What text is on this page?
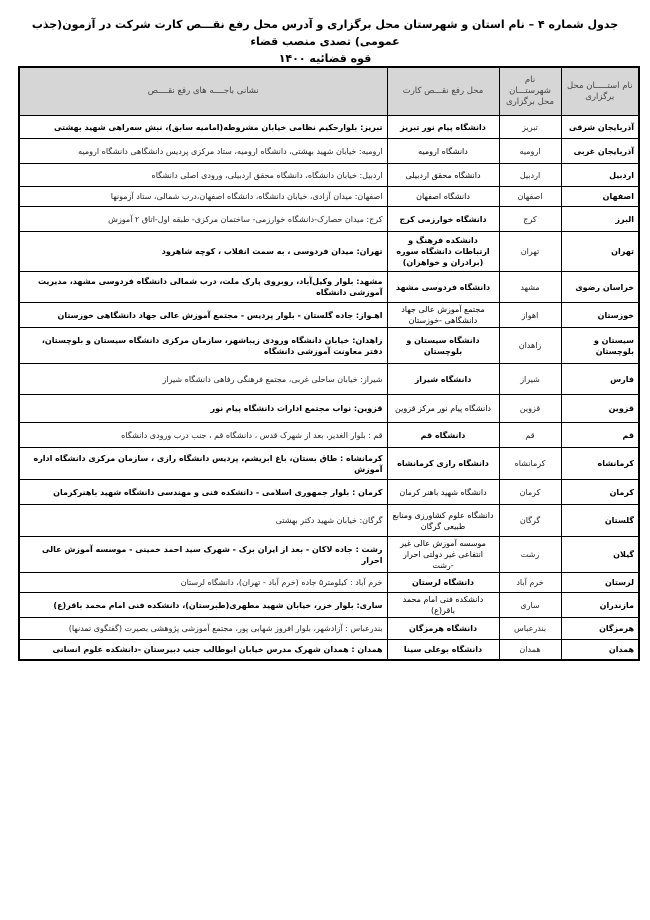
جدول شماره ۴ – نام استان و شهرستان محل برگزاری و آدرس محل رفع نقـــص کارت شرکت در آزمون(جذب عمومی) تصدی منصب قضاء
قوه قضائیه ۱۴۰۰
نام استـــــان محل برگزاری	نام شهرستـــان محل برگزاری	محل رفع نقـــص کارت	نشانی باجــــه های رفع نقــــص
آذربایجان شرقی	تبریز	دانشگاه پیام نور تبریز	تبریز: بلوارحکیم نظامی خیابان مشروطه(امامیه سابق)، نبش سه‌راهی شهید بهشتی
آذربایجان غربی	ارومیه	دانشگاه ارومیه	ارومیه: خیابان شهید بهشتی، دانشگاه ارومیه، ستاد مرکزی پردیس دانشگاهی دانشگاه ارومیه
اردبیل	اردبیل	دانشگاه محقق اردبیلی	اردبیل: خیابان دانشگاه، دانشگاه محقق اردبیلی، ورودی اصلی دانشگاه
اصفهان	اصفهان	دانشگاه اصفهان	اصفهان: میدان آزادی، خیابان دانشگاه، دانشگاه اصفهان،درب شمالی، ستاد آزمونها
البرز	کرج	دانشگاه خوارزمی کرج	کرج: میدان حصارک-دانشگاه خوارزمی- ساختمان مرکزی- طبقه اول-اتاق ۲ آموزش
تهران	تهران	دانشکده فرهنگ و ارتباطات دانشگاه سوره (برادران و خواهران)	تهران: میدان فردوسی ، به سمت انقلاب ، کوچه شاهرود
خراسان رضوی	مشهد	دانشگاه فردوسی مشهد	مشهد: بلوار وکیل‌آباد، روبروی پارک ملت، درب شمالی دانشگاه فردوسی مشهد، مدیریت آموزشی دانشگاه
خوزستان	اهواز	مجتمع آموزش عالی جهاد دانشگاهی -خوزستان	اهـواز: جاده گلستان - بلوار پردیس - مجتمع آموزش عالی جهاد دانشگاهی خوزستان
سیستان و بلوچستان	زاهدان	دانشگاه سیستان و بلوچستان	زاهدان: خیابان دانشگاه ورودی زیباشهر، سازمان مرکزی دانشگاه سیستان و بلوچستان، دفتر معاونت آموزشی دانشگاه
فارس	شیراز	دانشگاه شیراز	شیراز: خیابان ساحلی غربی، مجتمع فرهنگی رفاهی دانشگاه شیراز
قزوین	قزوین	دانشگاه پیام نور مرکز قزوین	قزوین: نواب مجتمع ادارات دانشگاه پیام نور
قم	قم	دانشگاه قم	قم : بلوار الغدیر، بعد از شهرک قدس ، دانشگاه قم ، جنب درب ورودی دانشگاه
کرمانشاه	کرمانشاه	دانشگاه رازی کرمانشاه	کرمانشاه : طاق بستان، باغ ابریشم، پردیس دانشگاه رازی ، سازمان مرکزی دانشگاه اداره آموزش
کرمان	کرمان	دانشگاه شهید باهنر کرمان	کرمان : بلوار جمهوری اسلامی - دانشکده فنی و مهندسی دانشگاه شهید باهنرکرمان
گلستان	گرگان	دانشگاه علوم کشاورزی ومنابع طبیعی گرگان	گرگان: خیابان شهید دکتر بهشتی
گیلان	رشت	موسسه آموزش عالی غیر انتفاعی غیر دولتی احرار -رشت	رشت : جاده لاکان - بعد از ایران برک - شهرک سید احمد خمینی - موسسه آموزش عالی احرار
لرستان	خرم آباد	دانشگاه لرستان	خرم آباد : کیلومتر۵ جاده (خرم آباد - تهران)، دانشگاه لرستان
مازندران	ساری	دانشکده فنی امام محمد باقر(ع)	ساری: بلوار خزر، خیابان شهید مطهری(طبرستان)، دانشکده فنی امام محمد باقر(ع)
هرمزگان	بندرعباس	دانشگاه هرمزگان	بندرعباس : آزادشهر، بلوار افروز شهابی پور، مجتمع آموزشی پژوهشی بصیرت (گفتگوی تمدنها)
همدان	همدان	دانشگاه بوعلی سینا	همدان : همدان شهرک مدرس خیابان ابوطالب جنب دبیرستان -دانشکده علوم انسانی
